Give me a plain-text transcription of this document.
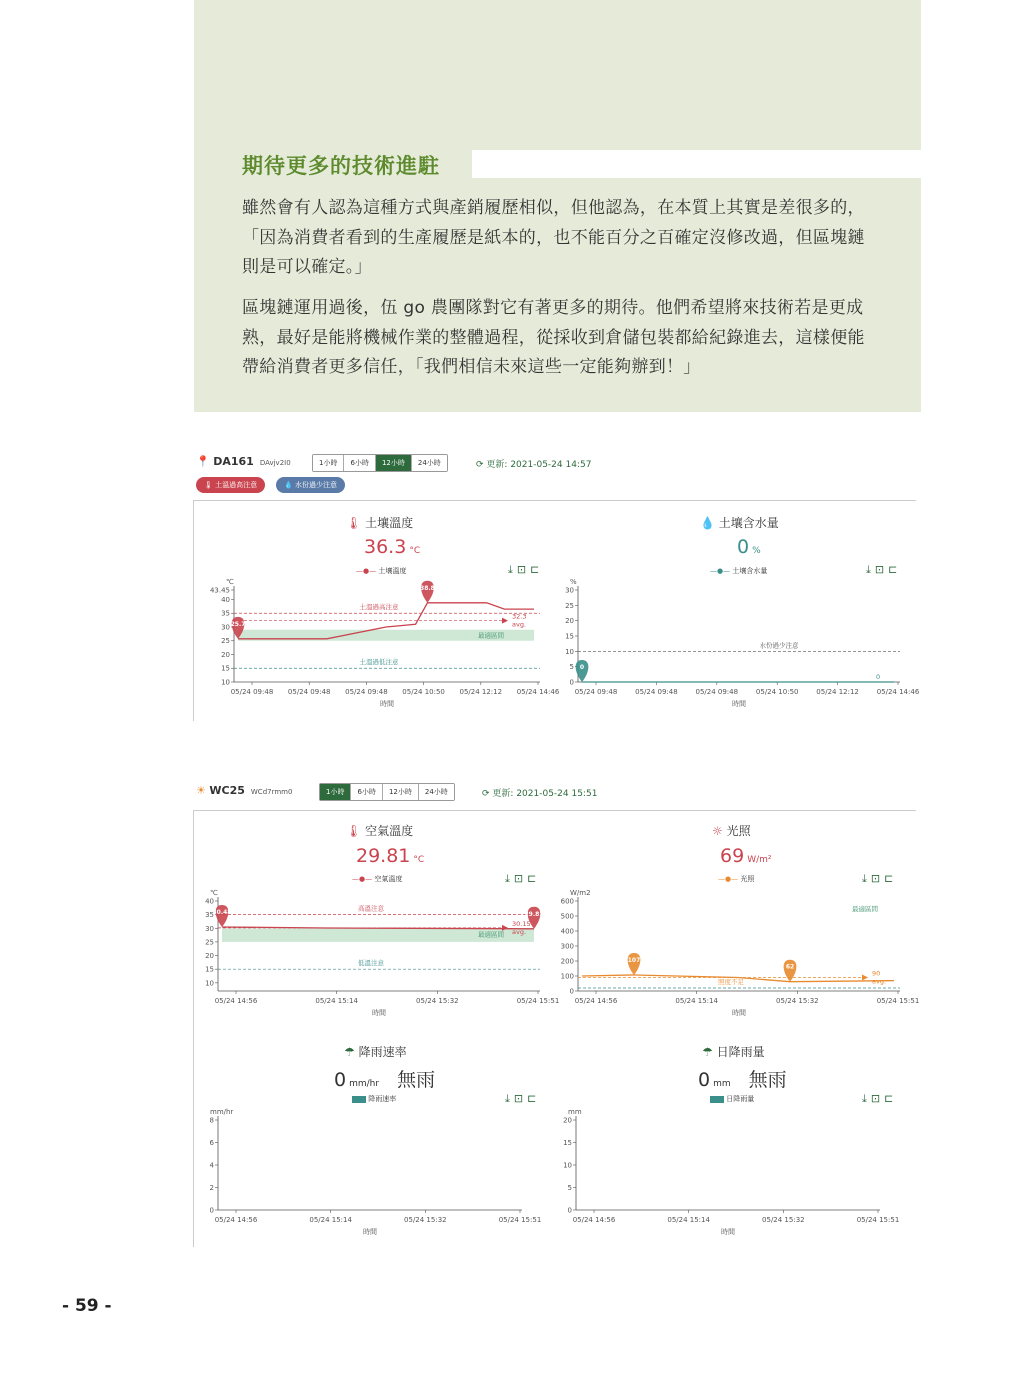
期待更多的技術進駐
雖然會有人認為這種方式與產銷履歷相似，但他認為，在本質上其實是差很多的，「因為消費者看到的生產履歷是紙本的，也不能百分之百確定沒修改過，但區塊鏈則是可以確定。」
區塊鏈運用過後，伍 go 農團隊對它有著更多的期待。他們希望將來技術若是更成熟，最好是能將機械作業的整體過程，從採收到倉儲包裝都給紀錄進去，這樣便能帶給消費者更多信任，「我們相信未來這些一定能夠辦到！」
📍 DA161 DAvjv2I0	1小時	6小時	12小時	24小時	⟳ 更新: 2021-05-24 14:57
🌡 土溫過高注意	💧 水份過少注意
🌡 土壤溫度
36.3 °C
—●— 土壤溫度	⤓⊡⊏
💧 土壤含水量
0 %
—●— 土壤含水量	⤓⊡⊏
℃
10
15
20
25
30
35
40
43.45
05/24 09:48 05/24 09:48 05/24 09:48 05/24 10:50 05/24 12:12 05/24 14:46
時間
最適區間
土溫過高注意
土溫過低注意
32.3
avg.
25.7
38.8
%
0
5
10
15
20
25
30
05/24 09:48	05/24 09:48	05/24 09:48	05/24 10:50	05/24 12:12	05/24 14:46
時間
水份過少注意
0
0
☀ WC25 WCd7rmm0	1小時	6小時	12小時	24小時	⟳ 更新: 2021-05-24 15:51
🌡 空氣溫度
29.81 °C
—●— 空氣溫度	⤓⊡⊏
☼ 光照
69 W/m²
—●— 光照	⤓⊡⊏
℃
10
15
20
25
30
35
40
05/24 14:56	05/24 15:14	05/24 15:32	05/24 15:51
時間
最適區間
高溫注意
低溫注意
30.15
avg.
30.48	29.81
W/m2
0
100
200
300
400
500
600
05/24 14:56	05/24 15:14	05/24 15:32	05/24 15:51
時間
最適區間
照度不足
90
avg.
107
62
☂ 降雨速率
0 mm/hr 無雨
降雨速率	⤓⊡⊏
☂ 日降雨量
0 mm 無雨
日降雨量	⤓⊡⊏
mm/hr
0
2
4
6
8
05/24 14:56	05/24 15:14	05/24 15:32	05/24 15:51
時間
mm
0
5
10
15
20
05/24 14:56	05/24 15:14	05/24 15:32	05/24 15:51
時間
- 59 -
